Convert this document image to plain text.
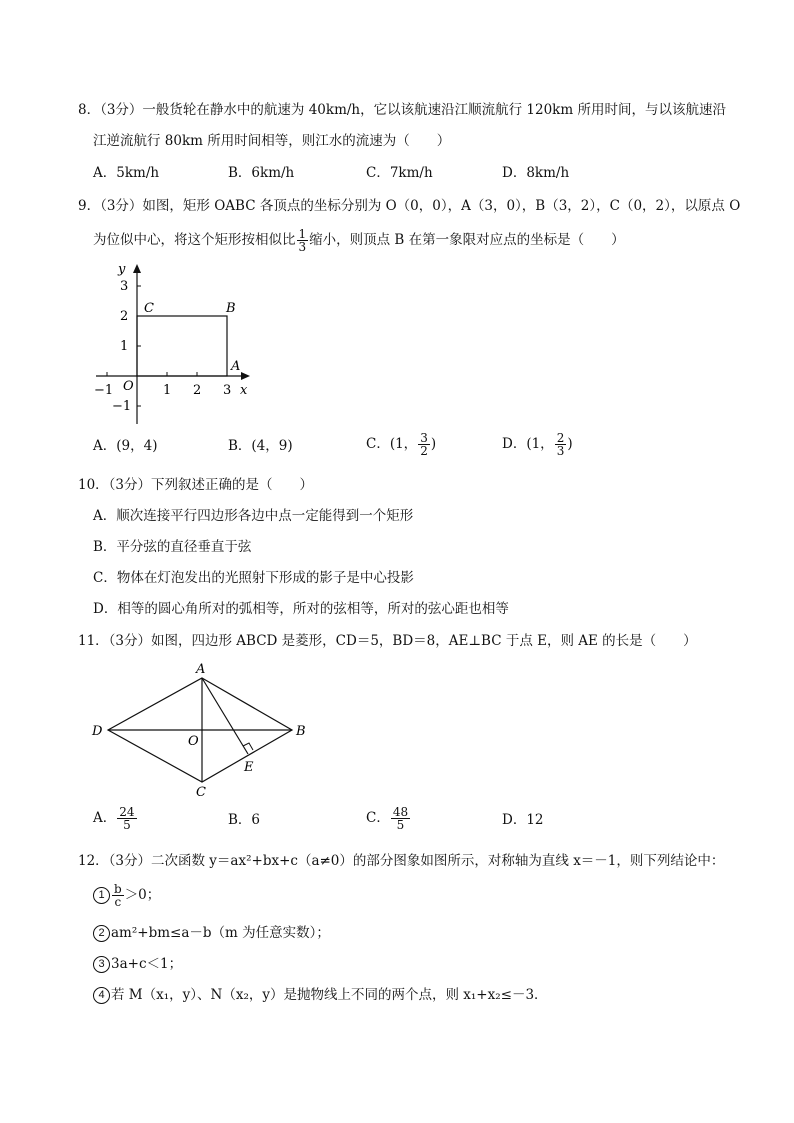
8．（3分）一般货轮在静水中的航速为 40km/h，它以该航速沿江顺流航行 120km 所用时间，与以该航速沿
江逆流航行 80km 所用时间相等，则江水的流速为（　　）
A．5km/h	B．6km/h	C．7km/h	D．8km/h
9．（3分）如图，矩形 OABC 各顶点的坐标分别为 O（0，0），A（3，0），B（3，2），C（0，2），以原点 O
为位似中心，将这个矩形按相似比 $\frac{1}{3}$ 缩小，则顶点 B 在第一象限对应点的坐标是（　　）
y
3
2
1
−1
−1 O 1 2 3 x
A
B
C
A．(9，4)	B．(4，9)	C．(1， $\frac{3}{2}$ )	D．(1， $\frac{2}{3}$ )
10．（3分）下列叙述正确的是（　　）
A．顺次连接平行四边形各边中点一定能得到一个矩形
B．平分弦的直径垂直于弦
C．物体在灯泡发出的光照射下形成的影子是中心投影
D．相等的圆心角所对的弧相等，所对的弦相等，所对的弦心距也相等
11．（3分）如图，四边形 ABCD 是菱形，CD＝5，BD＝8，AE⊥BC 于点 E，则 AE 的长是（　　）
A
B
C
D
O
E
A． $\frac{24}{5}$	B．6	C． $\frac{48}{5}$	D．12
12．（3分）二次函数 y＝ax²+bx+c（a≠0）的部分图象如图所示，对称轴为直线 x＝－1，则下列结论中：
$1 \frac{b}{c} >0$；
2 am²+bm≤a－b（m 为任意实数）；
3 3a+c＜1；
4 若 M（x₁，y）、N（x₂，y）是抛物线上不同的两个点，则 x₁+x₂≤－3．
